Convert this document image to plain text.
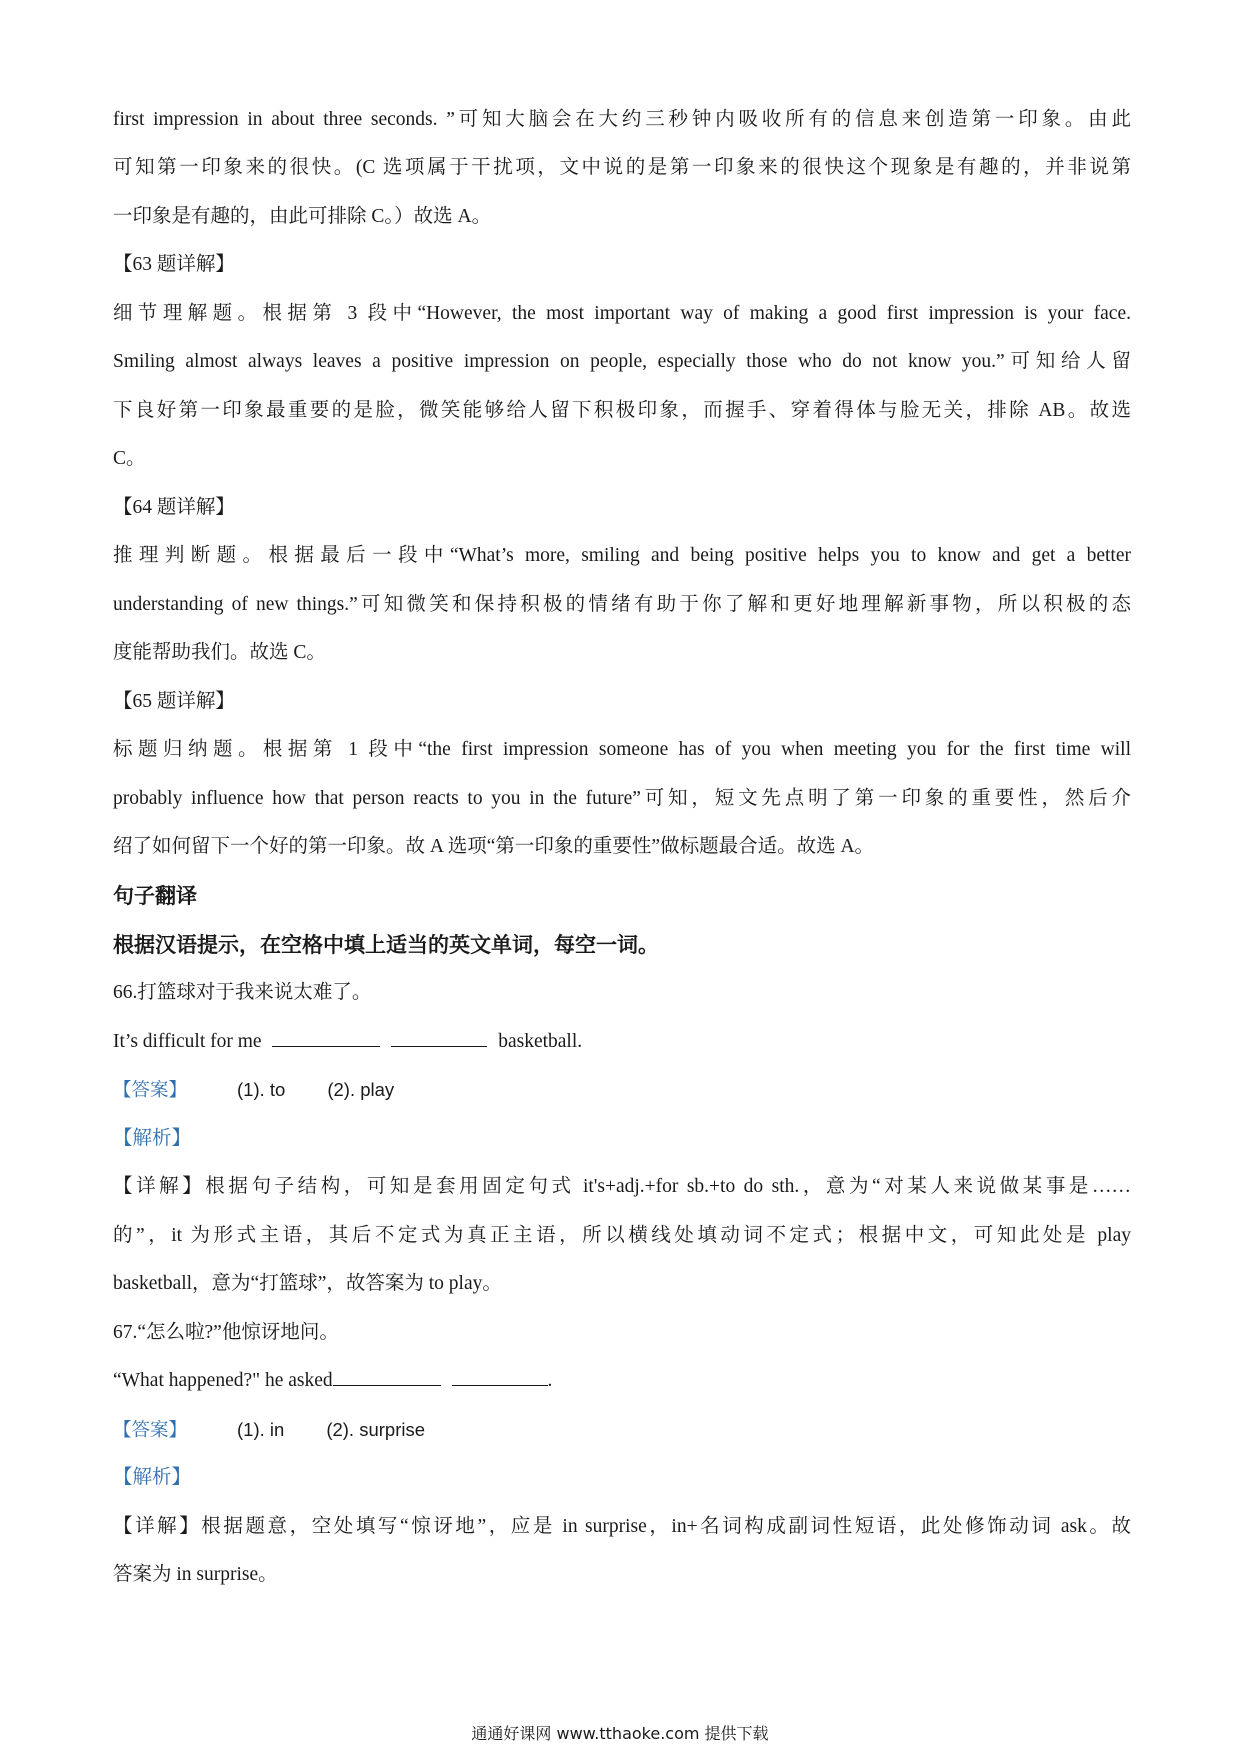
first impression in about three seconds. ”可知大脑会在大约三秒钟内吸收所有的信息来创造第一印象。由此
可知第一印象来的很快。(C 选项属于干扰项，文中说的是第一印象来的很快这个现象是有趣的，并非说第
一印象是有趣的，由此可排除 C。）故选 A。
【63 题详解】
细节理解题。根据第 3 段中“However, the most important way of making a good first impression is your face.
Smiling almost always leaves a positive impression on people, especially those who do not know you.”可知给人留
下良好第一印象最重要的是脸，微笑能够给人留下积极印象，而握手、穿着得体与脸无关，排除 AB。故选
C。
【64 题详解】
推理判断题。根据最后一段中“What’s more, smiling and being positive helps you to know and get a better
understanding of new things.”可知微笑和保持积极的情绪有助于你了解和更好地理解新事物，所以积极的态
度能帮助我们。故选 C。
【65 题详解】
标题归纳题。根据第 1 段中“the first impression someone has of you when meeting you for the first time will
probably influence how that person reacts to you in the future”可知，短文先点明了第一印象的重要性，然后介
绍了如何留下一个好的第一印象。故 A 选项“第一印象的重要性”做标题最合适。故选 A。
句子翻译
根据汉语提示，在空格中填上适当的英文单词，每空一词。
66.打篮球对于我来说太难了。
It’s difficult for me	basketball.
【答案】	(1). to (2). play
【解析】
【详解】根据句子结构，可知是套用固定句式 it's+adj.+for sb.+to do sth.，意为“对某人来说做某事是……
的”，it 为形式主语，其后不定式为真正主语，所以横线处填动词不定式；根据中文，可知此处是 play
basketball，意为“打篮球”，故答案为 to play。
67.“怎么啦?”他惊讶地问。
“What happened?" he asked	.
【答案】	(1). in (2). surprise
【解析】
【详解】根据题意，空处填写“惊讶地”，应是 in surprise，in+名词构成副词性短语，此处修饰动词 ask。故
答案为 in surprise。
通通好课网 www.tthaoke.com 提供下载
